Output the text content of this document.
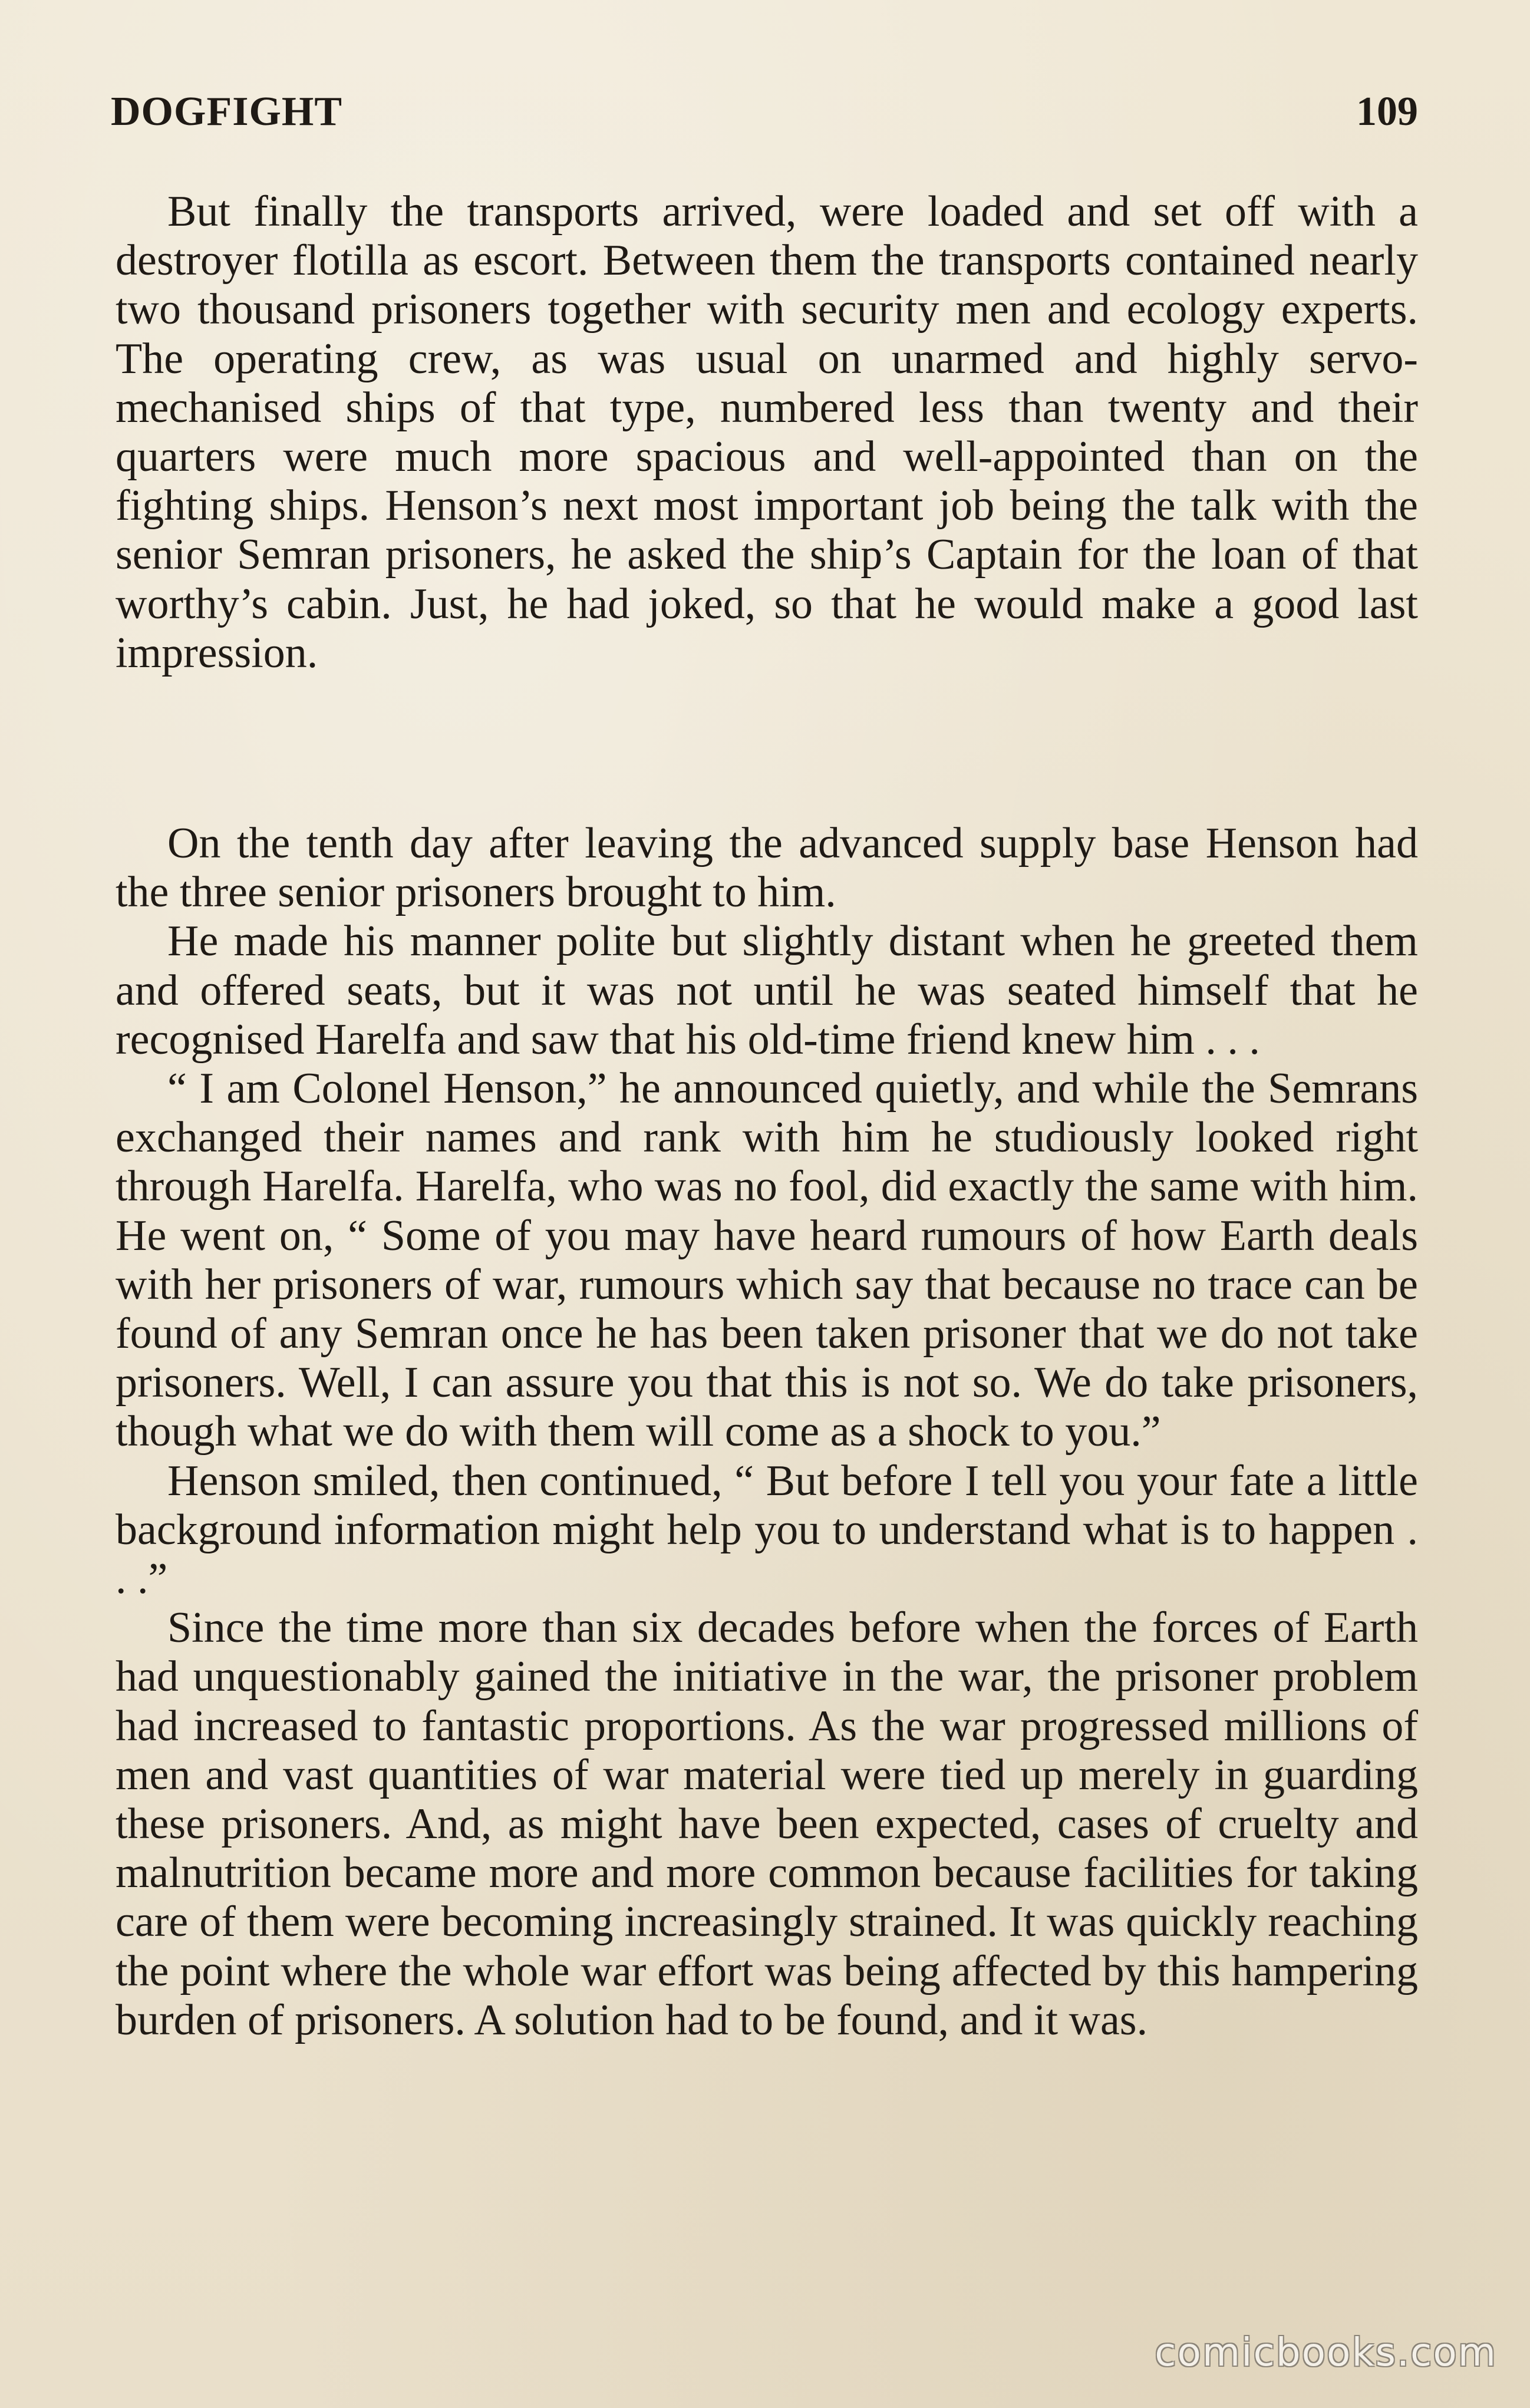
DOGFIGHT	109

But finally the transports arrived, were loaded and set off with a destroyer flotilla as escort. Between them the transports contained nearly two thousand prisoners together with security men and ecology experts. The operating crew, as was usual on unarmed and highly servo-mechanised ships of that type, numbered less than twenty and their quarters were much more spacious and well-appointed than on the fighting ships. Henson’s next most important job being the talk with the senior Semran prisoners, he asked the ship’s Captain for the loan of that worthy’s cabin. Just, he had joked, so that he would make a good last impression.

On the tenth day after leaving the advanced supply base Henson had the three senior prisoners brought to him.

He made his manner polite but slightly distant when he greeted them and offered seats, but it was not until he was seated himself that he recognised Harelfa and saw that his old-time friend knew him . . .

“ I am Colonel Henson,” he announced quietly, and while the Semrans exchanged their names and rank with him he studiously looked right through Harelfa. Harelfa, who was no fool, did exactly the same with him. He went on, “ Some of you may have heard rumours of how Earth deals with her prisoners of war, rumours which say that because no trace can be found of any Semran once he has been taken prisoner that we do not take prisoners. Well, I can assure you that this is not so. We do take prisoners, though what we do with them will come as a shock to you.”

Henson smiled, then continued, “ But before I tell you your fate a little background information might help you to understand what is to happen . . .”

Since the time more than six decades before when the forces of Earth had unquestionably gained the initiative in the war, the prisoner problem had increased to fantastic proportions. As the war progressed millions of men and vast quantities of war material were tied up merely in guarding these prisoners. And, as might have been expected, cases of cruelty and malnutrition became more and more common because facilities for taking care of them were becoming increasingly strained. It was quickly reaching the point where the whole war effort was being affected by this hampering burden of prisoners. A solution had to be found, and it was.

comicbooks.com
